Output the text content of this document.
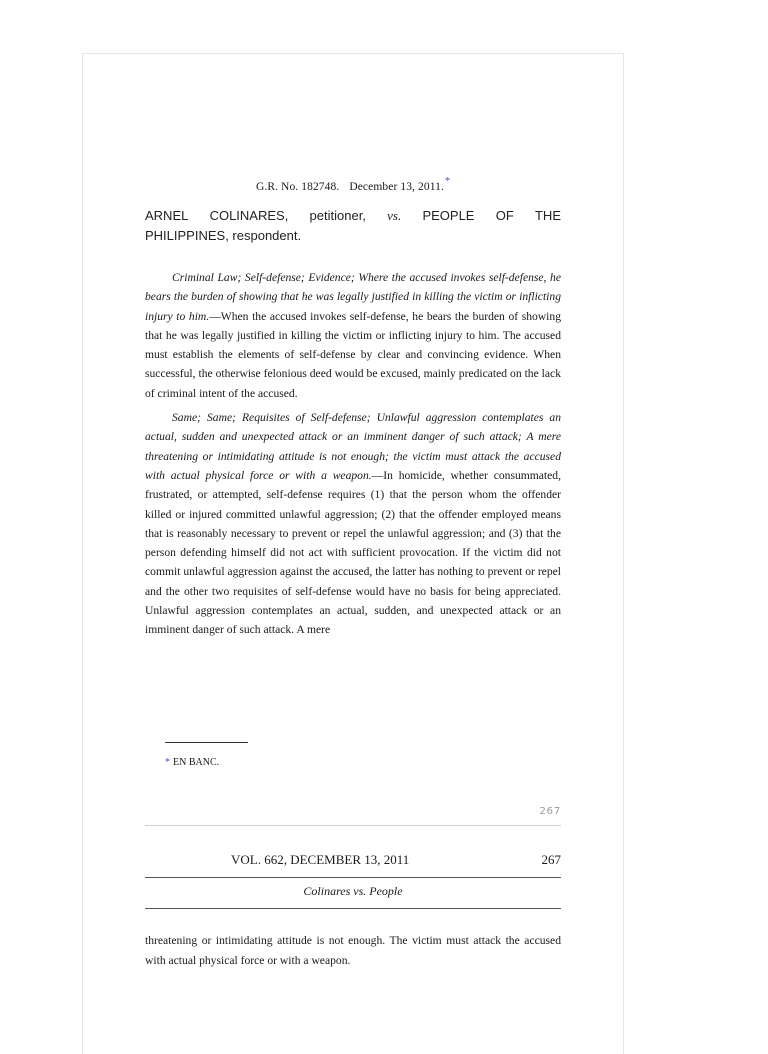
G.R. No. 182748. December 13, 2011.*
ARNEL COLINARES, petitioner, vs. PEOPLE OF THE
PHILIPPINES, respondent.

Criminal Law; Self-defense; Evidence; Where the accused invokes self-defense, he bears the burden of showing that he was legally justified in killing the victim or inflicting injury to him.—When the accused invokes self-defense, he bears the burden of showing that he was legally justified in killing the victim or inflicting injury to him. The accused must establish the elements of self-defense by clear and convincing evidence. When successful, the otherwise felonious deed would be excused, mainly predicated on the lack of criminal intent of the accused.

Same; Same; Requisites of Self-defense; Unlawful aggression contemplates an actual, sudden and unexpected attack or an imminent danger of such attack; A mere threatening or intimidating attitude is not enough; the victim must attack the accused with actual physical force or with a weapon.—In homicide, whether consummated, frustrated, or attempted, self-defense requires (1) that the person whom the offender killed or injured committed unlawful aggression; (2) that the offender employed means that is reasonably necessary to prevent or repel the unlawful aggression; and (3) that the person defending himself did not act with sufficient provocation. If the victim did not commit unlawful aggression against the accused, the latter has nothing to prevent or repel and the other two requisites of self-defense would have no basis for being appreciated. Unlawful aggression contemplates an actual, sudden, and unexpected attack or an imminent danger of such attack. A mere

* EN BANC.
267
VOL. 662, DECEMBER 13, 2011	267
Colinares vs. People

threatening or intimidating attitude is not enough. The victim must attack the accused with actual physical force or with a weapon.
